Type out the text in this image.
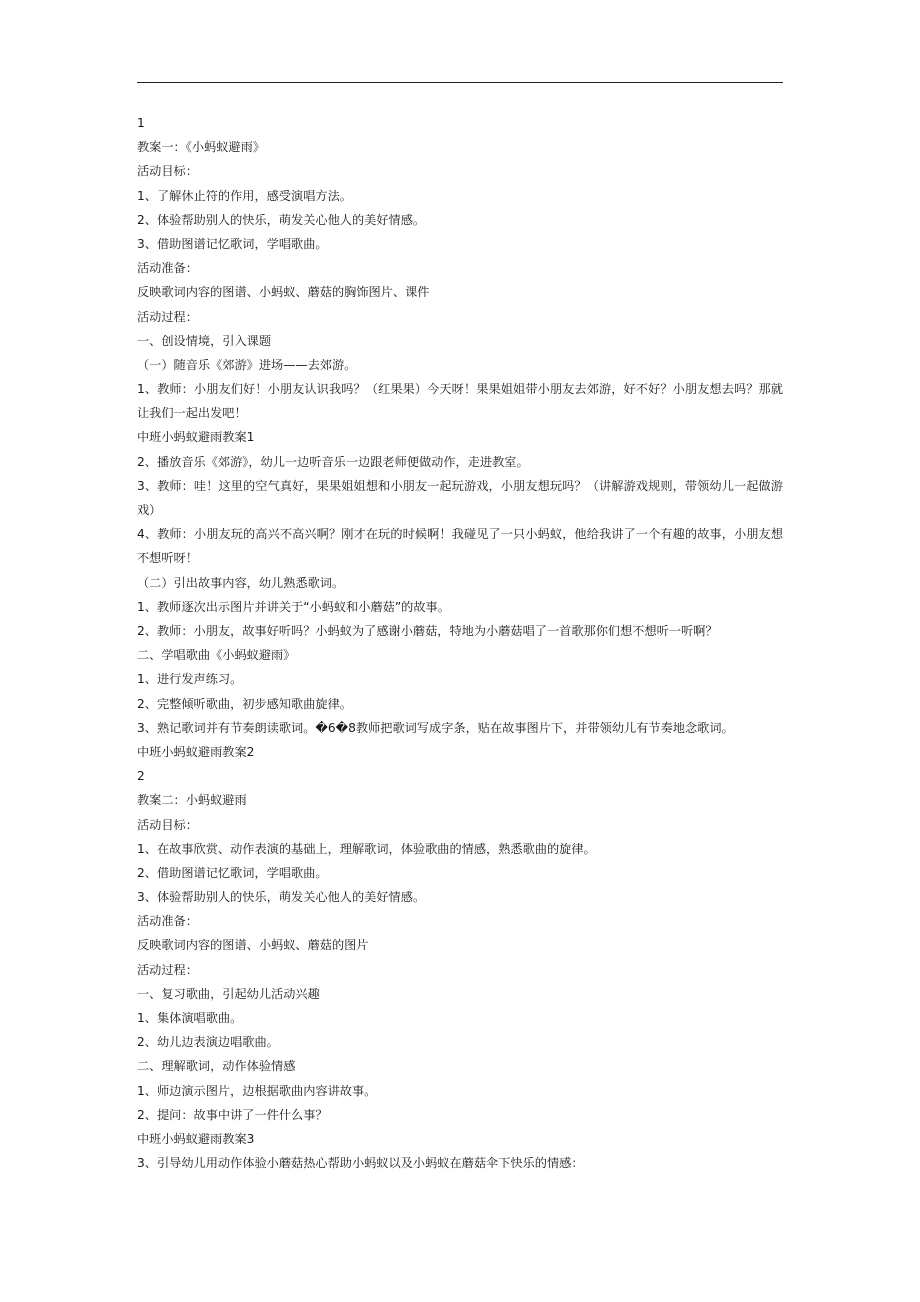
1
教案一：《小蚂蚁避雨》
活动目标：
1、了解休止符的作用，感受演唱方法。
2、体验帮助别人的快乐，萌发关心他人的美好情感。
3、借助图谱记忆歌词，学唱歌曲。
活动准备：
反映歌词内容的图谱、小蚂蚁、蘑菇的胸饰图片、课件
活动过程：
一、创设情境，引入课题
（一）随音乐《郊游》进场——去郊游。
1、教师：小朋友们好！小朋友认识我吗？（红果果）今天呀！果果姐姐带小朋友去郊游，好不好？小朋友想去吗？那就让我们一起出发吧！
中班小蚂蚁避雨教案1
2、播放音乐《郊游》，幼儿一边听音乐一边跟老师便做动作，走进教室。
3、教师：哇！这里的空气真好，果果姐姐想和小朋友一起玩游戏，小朋友想玩吗？（讲解游戏规则，带领幼儿一起做游戏）
4、教师：小朋友玩的高兴不高兴啊？刚才在玩的时候啊！我碰见了一只小蚂蚁，他给我讲了一个有趣的故事，小朋友想不想听呀！
（二）引出故事内容，幼儿熟悉歌词。
1、教师逐次出示图片并讲关于“小蚂蚁和小蘑菇”的故事。
2、教师：小朋友，故事好听吗？小蚂蚁为了感谢小蘑菇，特地为小蘑菇唱了一首歌那你们想不想听一听啊？
二、学唱歌曲《小蚂蚁避雨》
1、进行发声练习。
2、完整倾听歌曲，初步感知歌曲旋律。
3、熟记歌词并有节奏朗读歌词。�6�8教师把歌词写成字条，贴在故事图片下，并带领幼儿有节奏地念歌词。
中班小蚂蚁避雨教案2
2
教案二：小蚂蚁避雨
活动目标：
1、在故事欣赏、动作表演的基础上，理解歌词，体验歌曲的情感，熟悉歌曲的旋律。
2、借助图谱记忆歌词，学唱歌曲。
3、体验帮助别人的快乐，萌发关心他人的美好情感。
活动准备：
反映歌词内容的图谱、小蚂蚁、蘑菇的图片
活动过程：
一、复习歌曲，引起幼儿活动兴趣
1、集体演唱歌曲。
2、幼儿边表演边唱歌曲。
二、理解歌词，动作体验情感
1、师边演示图片，边根据歌曲内容讲故事。
2、提问：故事中讲了一件什么事？
中班小蚂蚁避雨教案3
3、引导幼儿用动作体验小蘑菇热心帮助小蚂蚁以及小蚂蚁在蘑菇伞下快乐的情感：
